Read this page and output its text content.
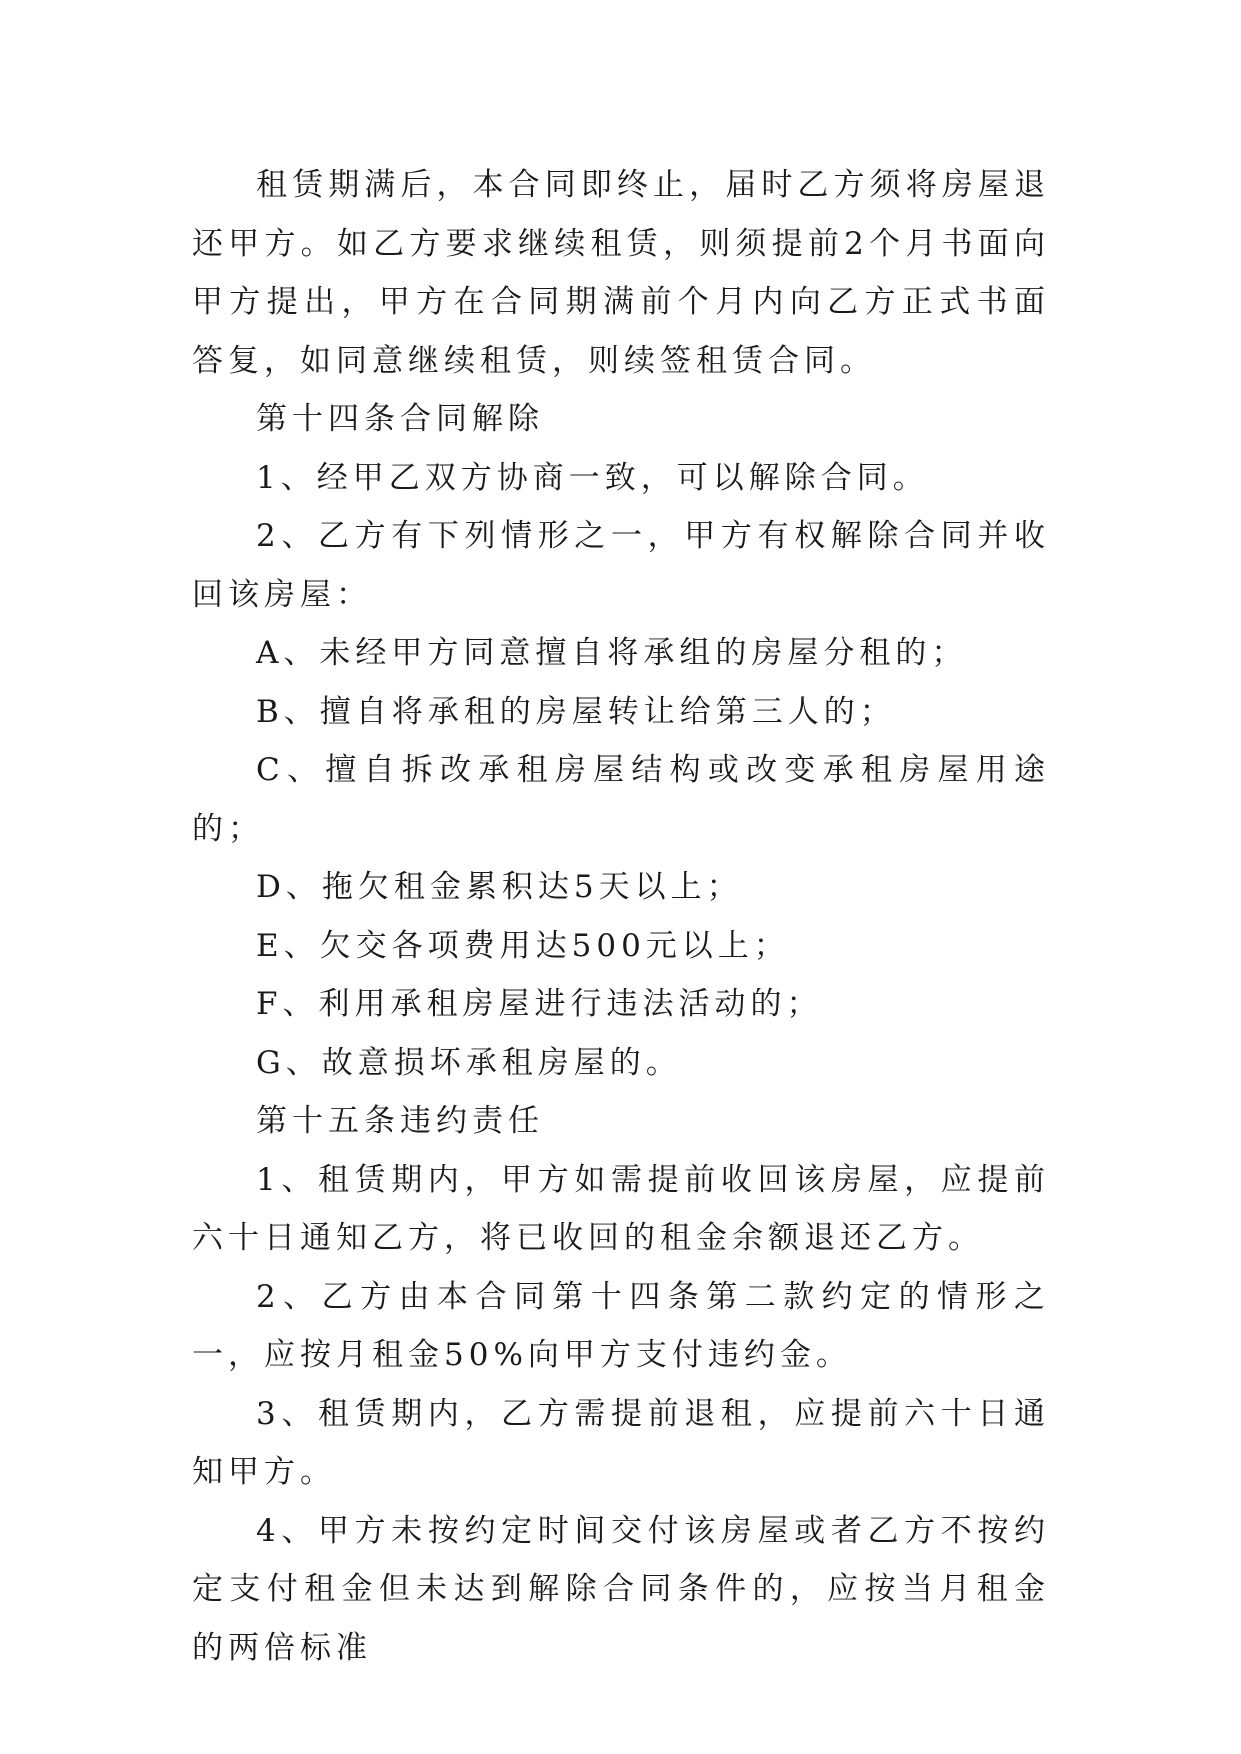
租赁期满后，本合同即终止，届时乙方须将房屋退还甲方。如乙方要求继续租赁，则须提前2个月书面向甲方提出，甲方在合同期满前个月内向乙方正式书面答复，如同意继续租赁，则续签租赁合同。

第十四条合同解除

1、经甲乙双方协商一致，可以解除合同。

2、乙方有下列情形之一，甲方有权解除合同并收回该房屋：

A、未经甲方同意擅自将承组的房屋分租的；

B、擅自将承租的房屋转让给第三人的；

C、擅自拆改承租房屋结构或改变承租房屋用途的；

D、拖欠租金累积达5天以上；

E、欠交各项费用达500元以上；

F、利用承租房屋进行违法活动的；

G、故意损坏承租房屋的。

第十五条违约责任

1、租赁期内，甲方如需提前收回该房屋，应提前六十日通知乙方，将已收回的租金余额退还乙方。

2、乙方由本合同第十四条第二款约定的情形之一，应按月租金50%向甲方支付违约金。

3、租赁期内，乙方需提前退租，应提前六十日通知甲方。

4、甲方未按约定时间交付该房屋或者乙方不按约定支付租金但未达到解除合同条件的，应按当月租金的两倍标准
